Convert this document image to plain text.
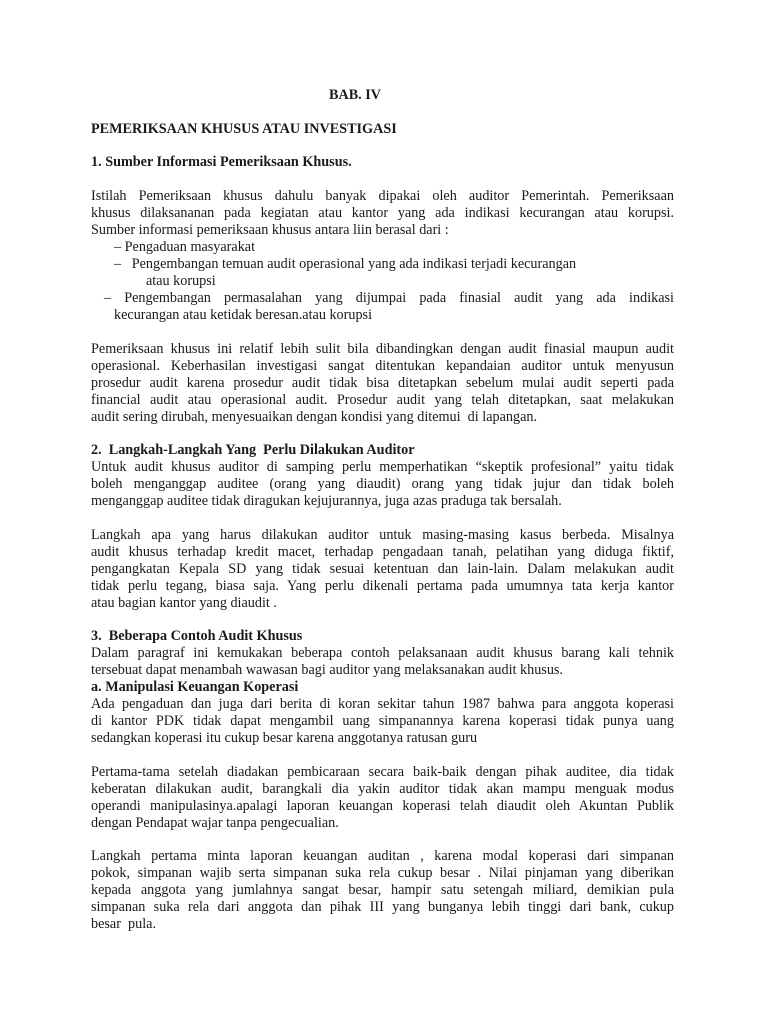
BAB. IV
PEMERIKSAAN KHUSUS ATAU INVESTIGASI
1. Sumber Informasi Pemeriksaan Khusus.
Istilah Pemeriksaan khusus dahulu banyak dipakai oleh auditor Pemerintah. Pemeriksaan
khusus dilaksananan pada kegiatan atau kantor yang ada indikasi kecurangan atau korupsi.
Sumber informasi pemeriksaan khusus antara liin berasal dari :
– Pengaduan masyarakat
–   Pengembangan temuan audit operasional yang ada indikasi terjadi kecurangan
atau korupsi
– Pengembangan permasalahan yang dijumpai pada finasial audit yang ada indikasi
kecurangan atau ketidak beresan.atau korupsi
Pemeriksaan khusus ini relatif lebih sulit bila dibandingkan dengan audit finasial maupun audit
operasional. Keberhasilan investigasi sangat ditentukan kepandaian auditor untuk menyusun
prosedur audit karena prosedur audit tidak bisa ditetapkan sebelum mulai audit seperti pada
financial audit atau operasional audit. Prosedur audit yang telah ditetapkan, saat melakukan
audit sering dirubah, menyesuaikan dengan kondisi yang ditemui  di lapangan.
2.  Langkah-Langkah Yang  Perlu Dilakukan Auditor
Untuk audit khusus auditor di samping perlu memperhatikan “skeptik profesional” yaitu tidak
boleh menganggap auditee (orang yang diaudit) orang yang tidak jujur dan tidak boleh
menganggap auditee tidak diragukan kejujurannya, juga azas praduga tak bersalah.
Langkah apa yang harus dilakukan auditor untuk masing-masing kasus berbeda. Misalnya
audit khusus terhadap kredit macet, terhadap pengadaan tanah, pelatihan yang diduga fiktif,
pengangkatan Kepala SD yang tidak sesuai ketentuan dan lain-lain. Dalam melakukan audit
tidak perlu tegang, biasa saja. Yang perlu dikenali pertama pada umumnya tata kerja kantor
atau bagian kantor yang diaudit .
3.  Beberapa Contoh Audit Khusus
Dalam paragraf ini kemukakan beberapa contoh pelaksanaan audit khusus barang kali tehnik
tersebuat dapat menambah wawasan bagi auditor yang melaksanakan audit khusus.
a. Manipulasi Keuangan Koperasi
Ada pengaduan dan juga dari berita di koran sekitar tahun 1987 bahwa para anggota koperasi
di kantor PDK tidak dapat mengambil uang simpanannya karena koperasi tidak punya uang
sedangkan koperasi itu cukup besar karena anggotanya ratusan guru
Pertama-tama setelah diadakan pembicaraan secara baik-baik dengan pihak auditee, dia tidak
keberatan dilakukan audit, barangkali dia yakin auditor tidak akan mampu menguak modus
operandi manipulasinya.apalagi laporan keuangan koperasi telah diaudit oleh Akuntan Publik
dengan Pendapat wajar tanpa pengecualian.
Langkah pertama minta laporan keuangan auditan , karena modal koperasi dari simpanan
pokok, simpanan wajib serta simpanan suka rela cukup besar . Nilai pinjaman yang diberikan
kepada anggota yang jumlahnya sangat besar, hampir satu setengah miliard, demikian pula
simpanan suka rela dari anggota dan pihak III yang bunganya lebih tinggi dari bank, cukup
besar  pula.
